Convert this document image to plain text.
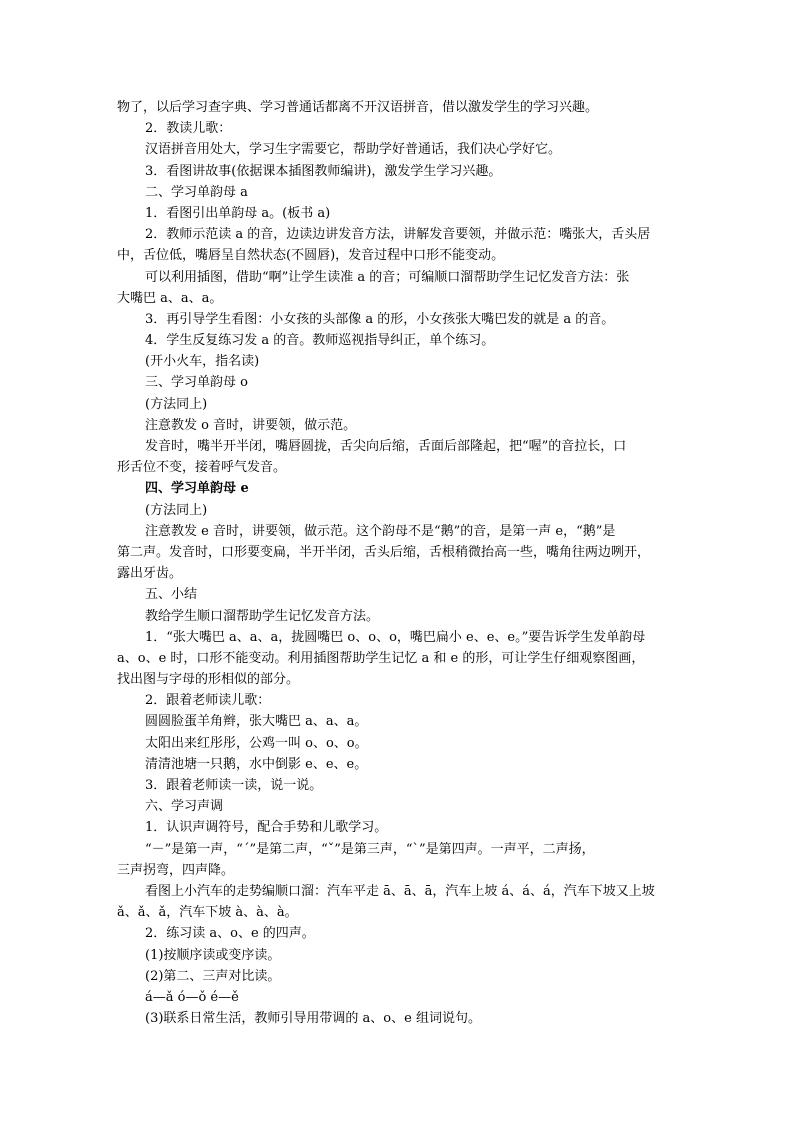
物了，以后学习查字典、学习普通话都离不开汉语拼音，借以激发学生的学习兴趣。
2．教读儿歌：
汉语拼音用处大，学习生字需要它，帮助学好普通话，我们决心学好它。
3．看图讲故事(依据课本插图教师编讲)，激发学生学习兴趣。
二、学习单韵母 a
1．看图引出单韵母 a。(板书 a)
2．教师示范读 a 的音，边读边讲发音方法，讲解发音要领，并做示范：嘴张大，舌头居
中，舌位低，嘴唇呈自然状态(不圆唇)，发音过程中口形不能变动。
可以利用插图，借助“啊”让学生读准 a 的音；可编顺口溜帮助学生记忆发音方法：张
大嘴巴 a、a、a。
3．再引导学生看图：小女孩的头部像 a 的形，小女孩张大嘴巴发的就是 a 的音。
4．学生反复练习发 a 的音。教师巡视指导纠正，单个练习。
(开小火车，指名读)
三、学习单韵母 o
(方法同上)
注意教发 o 音时，讲要领，做示范。
发音时，嘴半开半闭，嘴唇圆拢，舌尖向后缩，舌面后部隆起，把“喔”的音拉长，口
形舌位不变，接着呼气发音。
四、学习单韵母 e
(方法同上)
注意教发 e 音时，讲要领，做示范。这个韵母不是“鹅”的音，是第一声 e，“鹅”是
第二声。发音时，口形要变扁，半开半闭，舌头后缩，舌根稍微抬高一些，嘴角往两边咧开，
露出牙齿。
五、小结
教给学生顺口溜帮助学生记忆发音方法。
1．“张大嘴巴 a、a、a，拢圆嘴巴 o、o、o，嘴巴扁小 e、e、e。”要告诉学生发单韵母
a、o、e 时，口形不能变动。利用插图帮助学生记忆 a 和 e 的形，可让学生仔细观察图画，
找出图与字母的形相似的部分。
2．跟着老师读儿歌：
圆圆脸蛋羊角辫，张大嘴巴 a、a、a。
太阳出来红彤彤，公鸡一叫 o、o、o。
清清池塘一只鹅，水中倒影 e、e、e。
3．跟着老师读一读，说一说。
六、学习声调
1．认识声调符号，配合手势和儿歌学习。
“－”是第一声，“ˊ”是第二声，“ˇ”是第三声，“ˋ”是第四声。一声平，二声扬，
三声拐弯，四声降。
看图上小汽车的走势编顺口溜：汽车平走 ā、ā、ā，汽车上坡 á、á、á，汽车下坡又上坡
ǎ、ǎ、ǎ，汽车下坡 à、à、à。
2．练习读 a、o、e 的四声。
(1)按顺序读或变序读。
(2)第二、三声对比读。
á—ǎ ó—ǒ é—ě
(3)联系日常生活，教师引导用带调的 a、o、e 组词说句。
